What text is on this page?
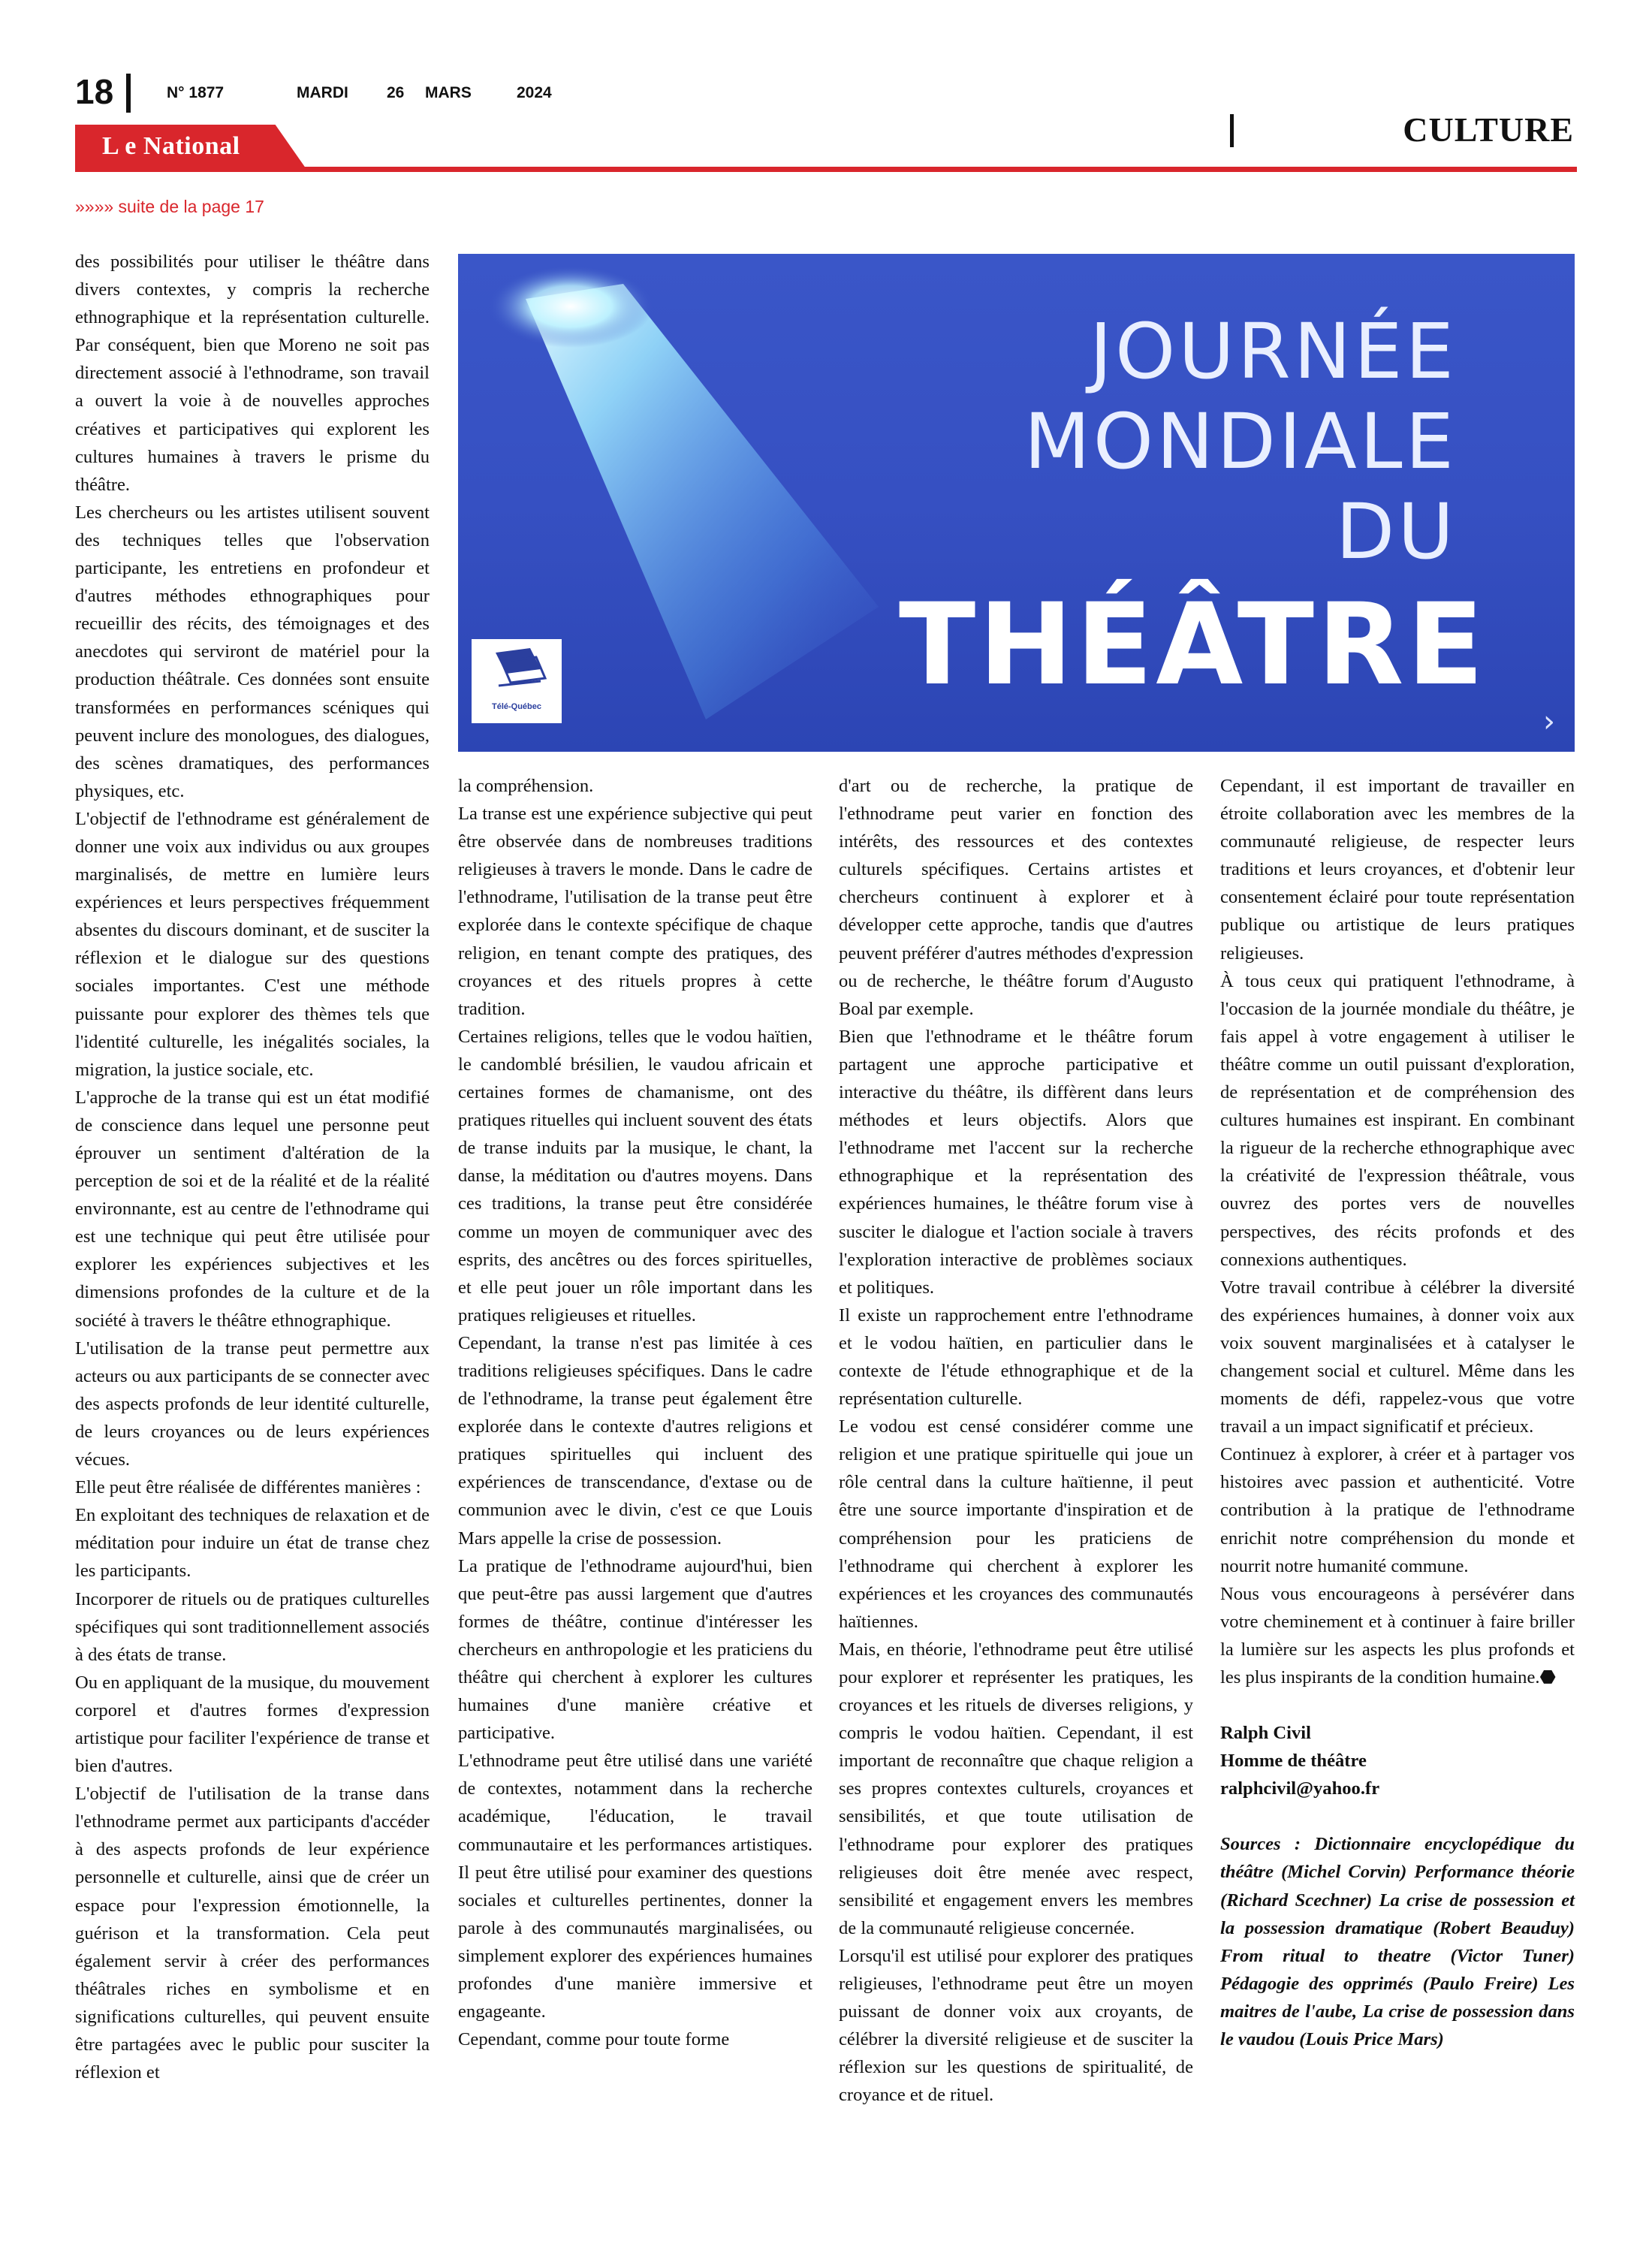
18	N° 1877	MARDI 26 MARS	2024
CULTURE
L e National
»»»» suite de la page 17
JOURNÉE
MONDIALE
DU
THÉÂTRE
Télé-Québec	›

des possibilités pour utiliser le théâtre dans divers contextes, y compris la recherche ethnographique et la représentation culturelle. Par conséquent, bien que Moreno ne soit pas directement associé à l'ethnodrame, son travail a ouvert la voie à de nouvelles approches créatives et participatives qui explorent les cultures humaines à travers le prisme du théâtre.

Les chercheurs ou les artistes utilisent souvent des techniques telles que l'observation participante, les entretiens en profondeur et d'autres méthodes ethnographiques pour recueillir des récits, des témoignages et des anecdotes qui serviront de matériel pour la production théâtrale. Ces données sont ensuite transformées en performances scéniques qui peuvent inclure des monologues, des dialogues, des scènes dramatiques, des performances physiques, etc.

L'objectif de l'ethnodrame est généralement de donner une voix aux individus ou aux groupes marginalisés, de mettre en lumière leurs expériences et leurs perspectives fréquemment absentes du discours dominant, et de susciter la réflexion et le dialogue sur des questions sociales importantes. C'est une méthode puissante pour explorer des thèmes tels que l'identité culturelle, les inégalités sociales, la migration, la justice sociale, etc.

L'approche de la transe qui est un état modifié de conscience dans lequel une personne peut éprouver un sentiment d'altération de la perception de soi et de la réalité et de la réalité environnante, est au centre de l'ethnodrame qui est une technique qui peut être utilisée pour explorer les expériences subjectives et les dimensions profondes de la culture et de la société à travers le théâtre ethnographique.

L'utilisation de la transe peut permettre aux acteurs ou aux participants de se connecter avec des aspects profonds de leur identité culturelle, de leurs croyances ou de leurs expériences vécues.

Elle peut être réalisée de différentes manières :

En exploitant des techniques de relaxation et de méditation pour induire un état de transe chez les participants.

Incorporer de rituels ou de pratiques culturelles spécifiques qui sont traditionnellement associés à des états de transe.

Ou en appliquant de la musique, du mouvement corporel et d'autres formes d'expression artistique pour faciliter l'expérience de transe et bien d'autres.

L'objectif de l'utilisation de la transe dans l'ethnodrame permet aux participants d'accéder à des aspects profonds de leur expérience personnelle et culturelle, ainsi que de créer un espace pour l'expression émotionnelle, la guérison et la transformation. Cela peut également servir à créer des performances théâtrales riches en symbolisme et en significations culturelles, qui peuvent ensuite être partagées avec le public pour susciter la réflexion et

la compréhension.

La transe est une expérience subjective qui peut être observée dans de nombreuses traditions religieuses à travers le monde. Dans le cadre de l'ethnodrame, l'utilisation de la transe peut être explorée dans le contexte spécifique de chaque religion, en tenant compte des pratiques, des croyances et des rituels propres à cette tradition.

Certaines religions, telles que le vodou haïtien, le candomblé brésilien, le vaudou africain et certaines formes de chamanisme, ont des pratiques rituelles qui incluent souvent des états de transe induits par la musique, le chant, la danse, la méditation ou d'autres moyens. Dans ces traditions, la transe peut être considérée comme un moyen de communiquer avec des esprits, des ancêtres ou des forces spirituelles, et elle peut jouer un rôle important dans les pratiques religieuses et rituelles.

Cependant, la transe n'est pas limitée à ces traditions religieuses spécifiques. Dans le cadre de l'ethnodrame, la transe peut également être explorée dans le contexte d'autres religions et pratiques spirituelles qui incluent des expériences de transcendance, d'extase ou de communion avec le divin, c'est ce que Louis Mars appelle la crise de possession.

La pratique de l'ethnodrame aujourd'hui, bien que peut-être pas aussi largement que d'autres formes de théâtre, continue d'intéresser les chercheurs en anthropologie et les praticiens du théâtre qui cherchent à explorer les cultures humaines d'une manière créative et participative.

L'ethnodrame peut être utilisé dans une variété de contextes, notamment dans la recherche académique, l'éducation, le travail communautaire et les performances artistiques. Il peut être utilisé pour examiner des questions sociales et culturelles pertinentes, donner la parole à des communautés marginalisées, ou simplement explorer des expériences humaines profondes d'une manière immersive et engageante.

Cependant, comme pour toute forme

d'art ou de recherche, la pratique de l'ethnodrame peut varier en fonction des intérêts, des ressources et des contextes culturels spécifiques. Certains artistes et chercheurs continuent à explorer et à développer cette approche, tandis que d'autres peuvent préférer d'autres méthodes d'expression ou de recherche, le théâtre forum d'Augusto Boal par exemple.

Bien que l'ethnodrame et le théâtre forum partagent une approche participative et interactive du théâtre, ils diffèrent dans leurs méthodes et leurs objectifs. Alors que l'ethnodrame met l'accent sur la recherche ethnographique et la représentation des expériences humaines, le théâtre forum vise à susciter le dialogue et l'action sociale à travers l'exploration interactive de problèmes sociaux et politiques.

Il existe un rapprochement entre l'ethnodrame et le vodou haïtien, en particulier dans le contexte de l'étude ethnographique et de la représentation culturelle.

Le vodou est censé considérer comme une religion et une pratique spirituelle qui joue un rôle central dans la culture haïtienne, il peut être une source importante d'inspiration et de compréhension pour les praticiens de l'ethnodrame qui cherchent à explorer les expériences et les croyances des communautés haïtiennes.

Mais, en théorie, l'ethnodrame peut être utilisé pour explorer et représenter les pratiques, les croyances et les rituels de diverses religions, y compris le vodou haïtien. Cependant, il est important de reconnaître que chaque religion a ses propres contextes culturels, croyances et sensibilités, et que toute utilisation de l'ethnodrame pour explorer des pratiques religieuses doit être menée avec respect, sensibilité et engagement envers les membres de la communauté religieuse concernée.

Lorsqu'il est utilisé pour explorer des pratiques religieuses, l'ethnodrame peut être un moyen puissant de donner voix aux croyants, de célébrer la diversité religieuse et de susciter la réflexion sur les questions de spiritualité, de croyance et de rituel.

Cependant, il est important de travailler en étroite collaboration avec les membres de la communauté religieuse, de respecter leurs traditions et leurs croyances, et d'obtenir leur consentement éclairé pour toute représentation publique ou artistique de leurs pratiques religieuses.

À tous ceux qui pratiquent l'ethnodrame, à l'occasion de la journée mondiale du théâtre, je fais appel à votre engagement à utiliser le théâtre comme un outil puissant d'exploration, de représentation et de compréhension des cultures humaines est inspirant. En combinant la rigueur de la recherche ethnographique avec la créativité de l'expression théâtrale, vous ouvrez des portes vers de nouvelles perspectives, des récits profonds et des connexions authentiques.

Votre travail contribue à célébrer la diversité des expériences humaines, à donner voix aux voix souvent marginalisées et à catalyser le changement social et culturel. Même dans les moments de défi, rappelez-vous que votre travail a un impact significatif et précieux.

Continuez à explorer, à créer et à partager vos histoires avec passion et authenticité. Votre contribution à la pratique de l'ethnodrame enrichit notre compréhension du monde et nourrit notre humanité commune.

Nous vous encourageons à persévérer dans votre cheminement et à continuer à faire briller la lumière sur les aspects les plus profonds et les plus inspirants de la condition humaine.⬣

Ralph Civil
Homme de théâtre
ralphcivil@yahoo.fr

Sources : Dictionnaire encyclopédique du théâtre (Michel Corvin) Performance théorie (Richard Scechner) La crise de possession et la possession dramatique (Robert Beauduy) From ritual to theatre (Victor Tuner) Pédagogie des opprimés (Paulo Freire) Les maitres de l'aube, La crise de possession dans le vaudou (Louis Price Mars)
